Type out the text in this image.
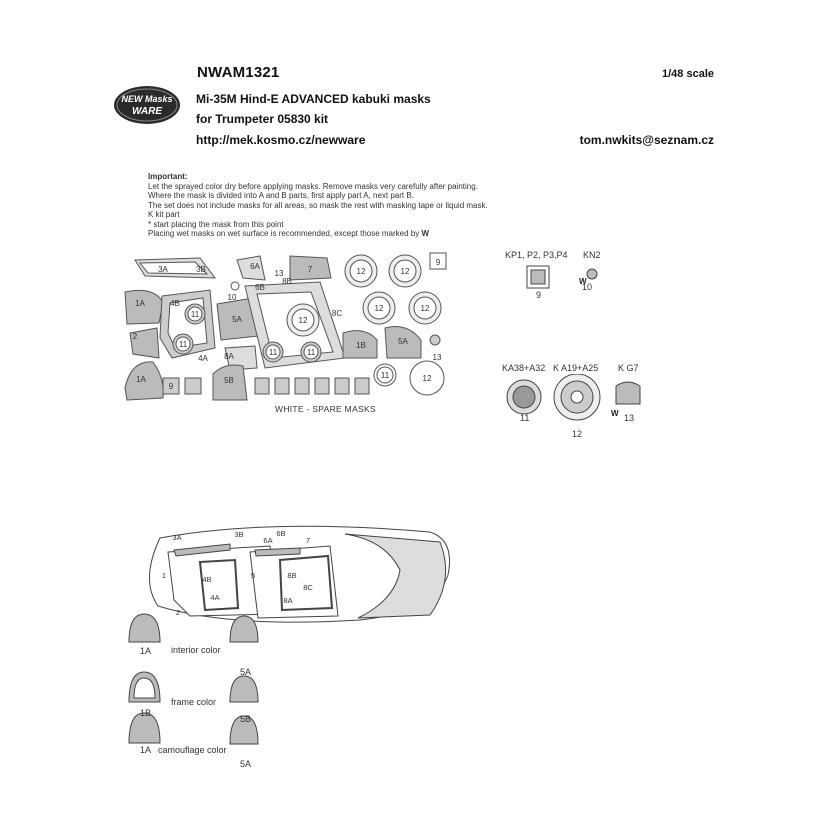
NEW Masks
WARE
NWAM1321	1/48 scale
Mi-35M Hind-E ADVANCED kabuki masks
for Trumpeter 05830 kit
http://mek.kosmo.cz/newware	tom.nwkits@seznam.cz
Important:
Let the sprayed color dry before applying masks. Remove masks very carefully after painting.
Where the mask is divided into A and B parts, first apply part A, next part B.
The set does not include masks for all areas, so mask the rest with masking tape or liquid mask.
K kit part
* start placing the mask from this point
Placing wet masks on wet surface is recommended, except those marked by W
3A	3B	6A
13	7	12	12
9
10
6B
8B
1A	4B
11
5A	12
12
8C
12
2
11
4A 8A	11	11
1B	5A
13
1A
9
5B
11	12
WHITE - SPARE MASKS
KP1, P2, P3,P4 KN2
W
9
10
KA38+A32 K A19+A25 K G7
W
11
12
13
3A	3B
6A
6B
7
1	4B	5	8B
8C
4A	8A
2
1A interior color
5A
1B
frame color
5B
1A camouflage color
5A
